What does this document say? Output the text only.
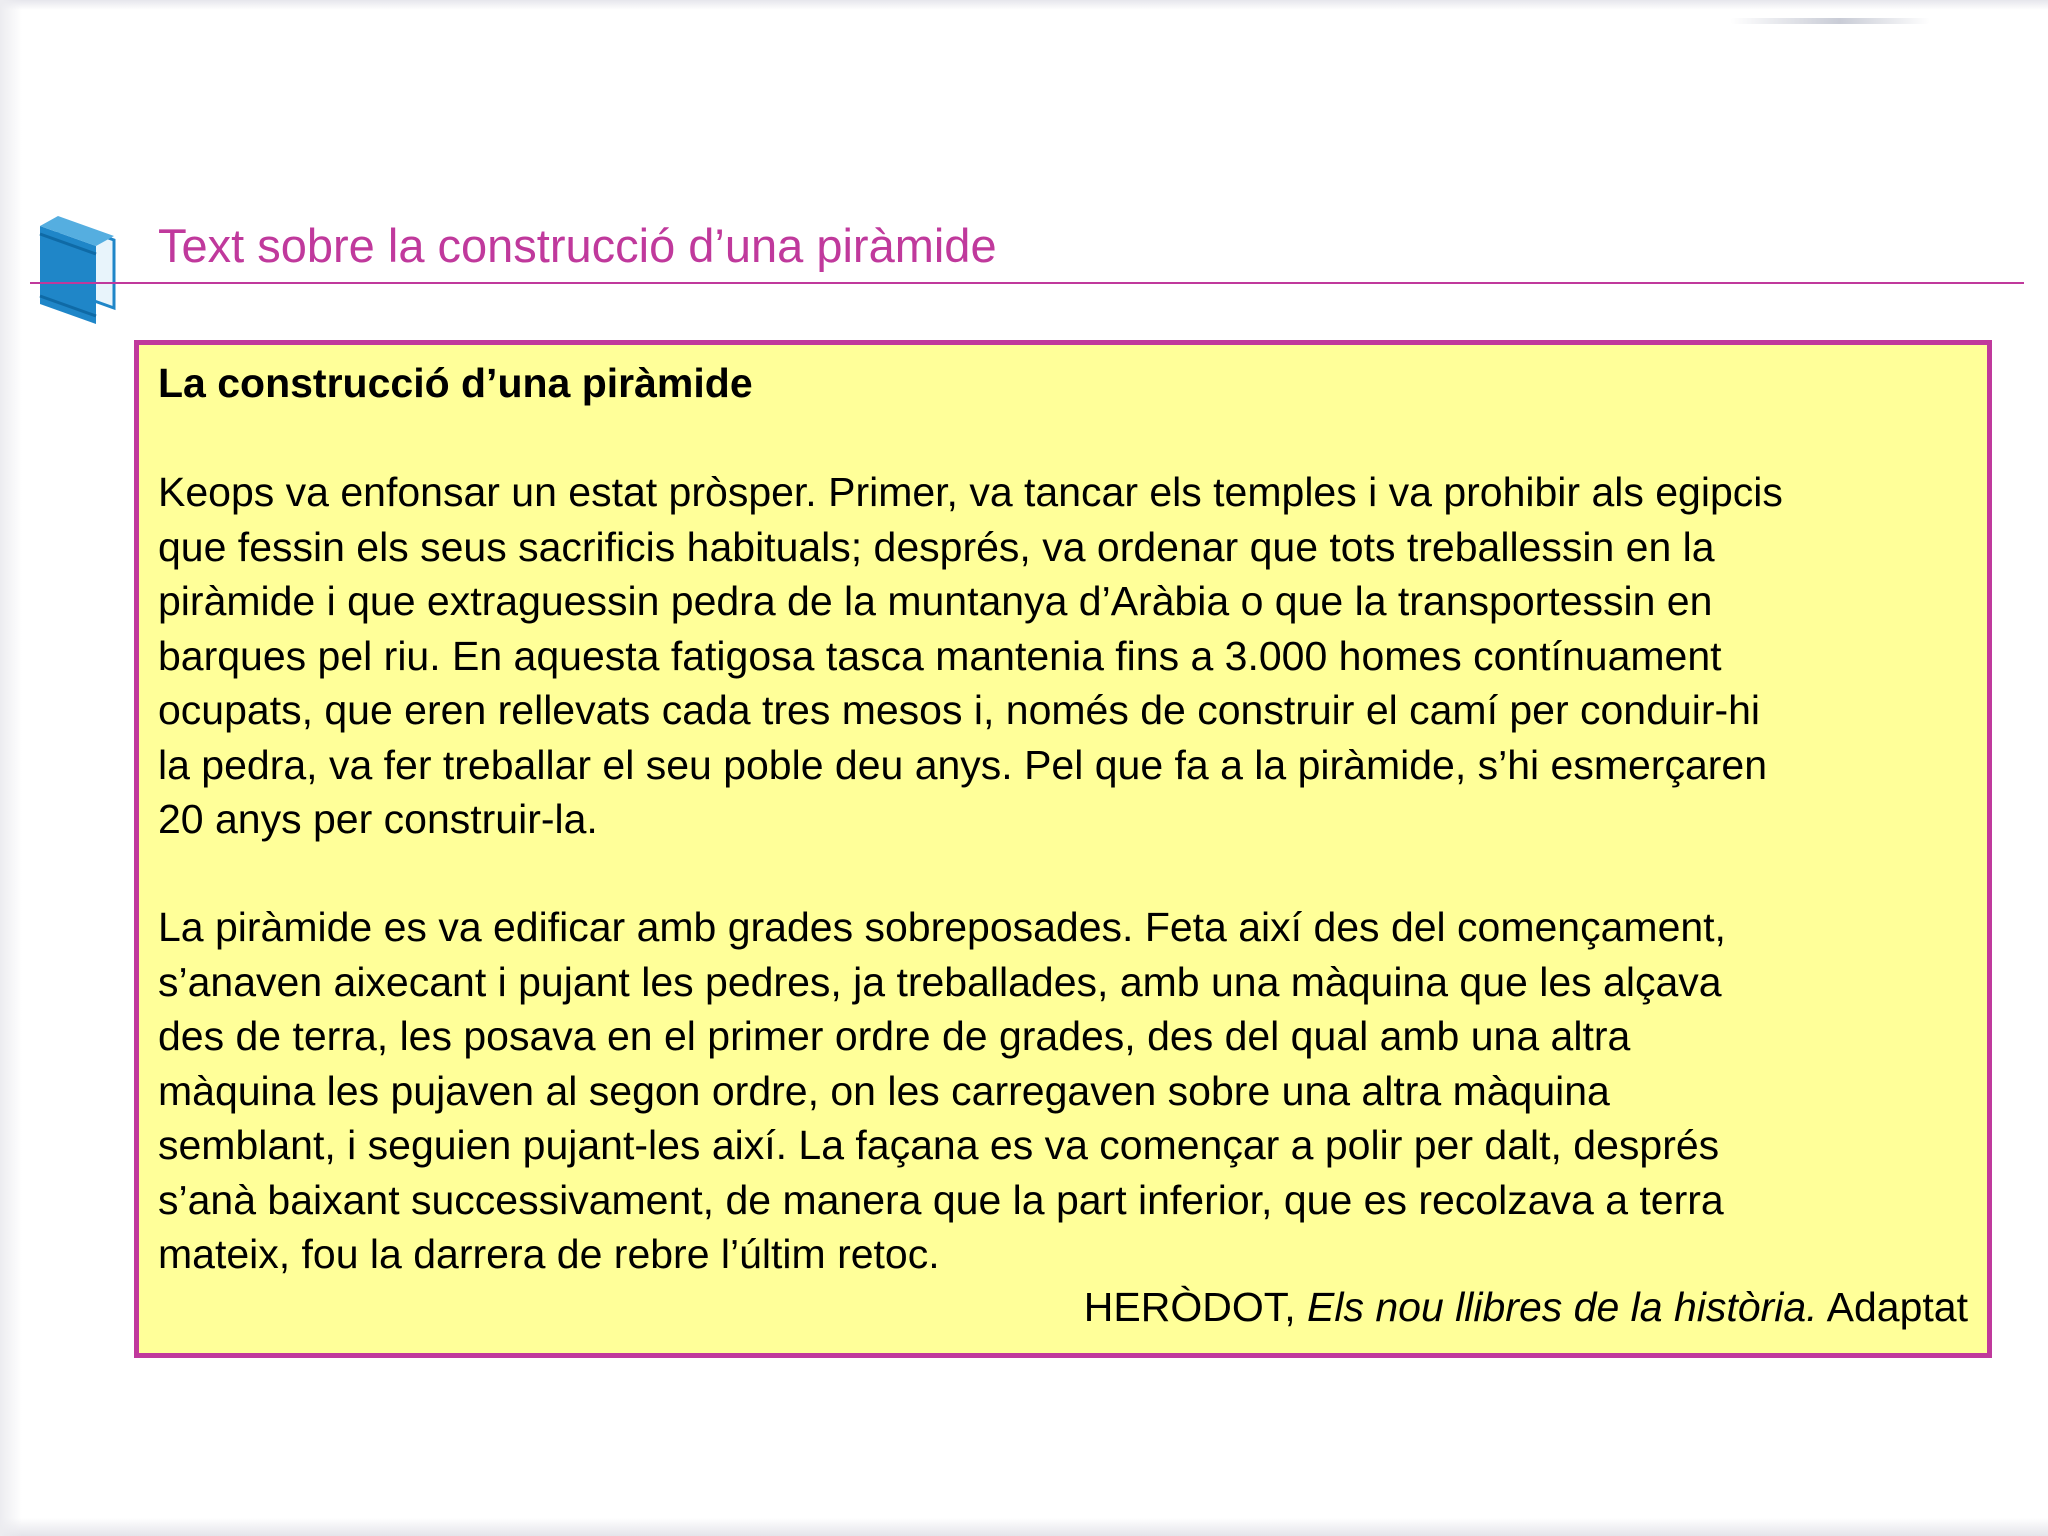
Text sobre la construcció d’una piràmide
La construcció d’una piràmide
Keops va enfonsar un estat pròsper. Primer, va tancar els temples i va prohibir als egipcis
que fessin els seus sacrificis habituals; després, va ordenar que tots treballessin en la
piràmide i que extraguessin pedra de la muntanya d’Aràbia o que la transportessin en
barques pel riu. En aquesta fatigosa tasca mantenia fins a 3.000 homes contínuament
ocupats, que eren rellevats cada tres mesos i, només de construir el camí per conduir-hi
la pedra, va fer treballar el seu poble deu anys. Pel que fa a la piràmide, s’hi esmerçaren
20 anys per construir-la.
La piràmide es va edificar amb grades sobreposades. Feta així des del començament,
s’anaven aixecant i pujant les pedres, ja treballades, amb una màquina que les alçava
des de terra, les posava en el primer ordre de grades, des del qual amb una altra
màquina les pujaven al segon ordre, on les carregaven sobre una altra màquina
semblant, i seguien pujant-les així. La façana es va començar a polir per dalt, després
s’anà baixant successivament, de manera que la part inferior, que es recolzava a terra
mateix, fou la darrera de rebre l’últim retoc.
HERÒDOT, Els nou llibres de la història. Adaptat
